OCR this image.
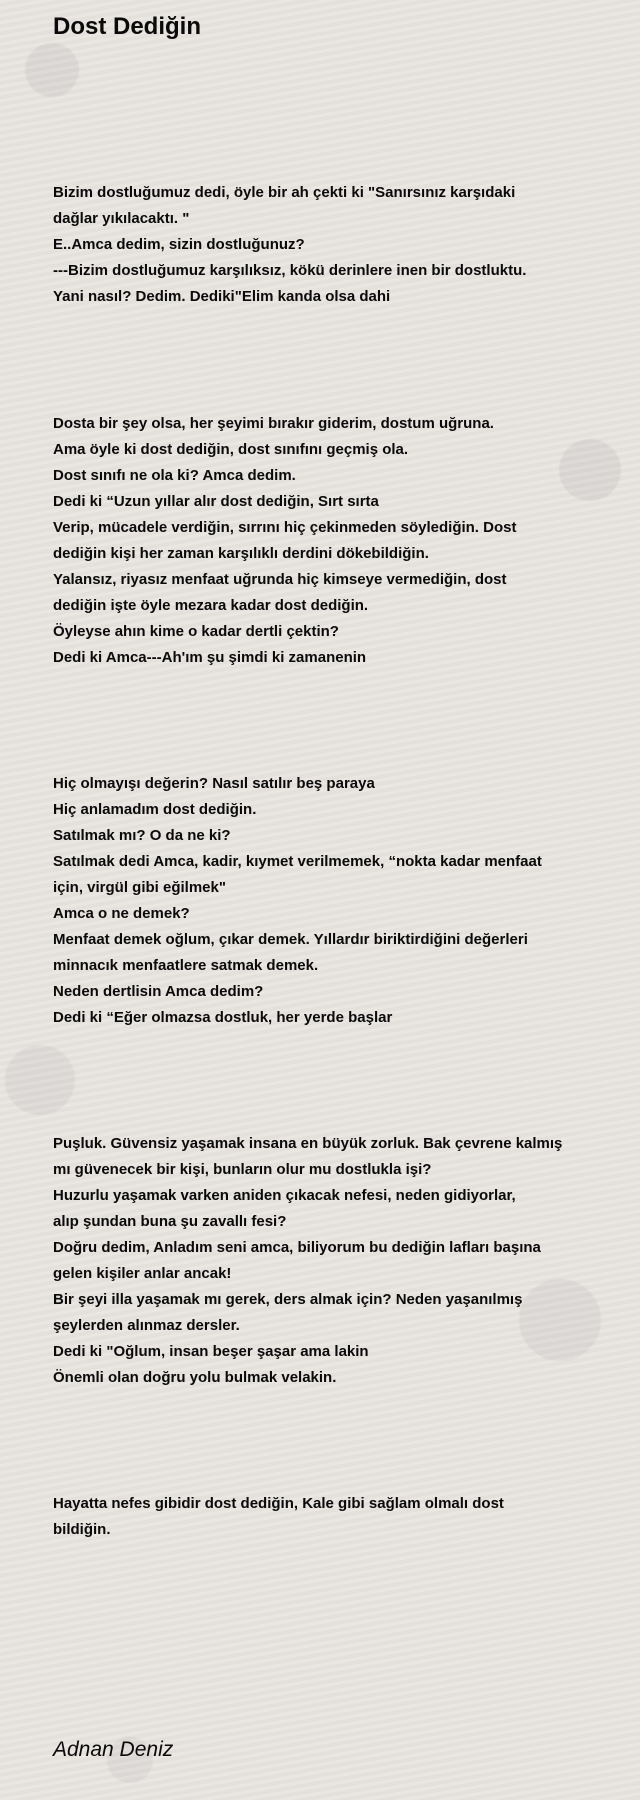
Dost Dediğin

Bizim dostluğumuz dedi, öyle bir ah çekti ki "Sanırsınız karşıdaki
dağlar yıkılacaktı. "
E..Amca dedim, sizin dostluğunuz?
---Bizim dostluğumuz karşılıksız, kökü derinlere inen bir dostluktu.
Yani nasıl? Dedim. Dediki"Elim kanda olsa dahi

Dosta bir şey olsa, her şeyimi bırakır giderim, dostum uğruna.
Ama öyle ki dost dediğin, dost sınıfını geçmiş ola.
Dost sınıfı ne ola ki? Amca dedim.
Dedi ki “Uzun yıllar alır dost dediğin, Sırt sırta
Verip, mücadele verdiğin, sırrını hiç çekinmeden söylediğin. Dost
dediğin kişi her zaman karşılıklı derdini dökebildiğin.
Yalansız, riyasız menfaat uğrunda hiç kimseye vermediğin, dost
dediğin işte öyle mezara kadar dost dediğin.
Öyleyse ahın kime o kadar dertli çektin?
Dedi ki Amca---Ah'ım şu şimdi ki zamanenin

Hiç olmayışı değerin? Nasıl satılır beş paraya
Hiç anlamadım dost dediğin.
Satılmak mı? O da ne ki?
Satılmak dedi Amca, kadir, kıymet verilmemek, “nokta kadar menfaat
için, virgül gibi eğilmek"
Amca o ne demek?
Menfaat demek oğlum, çıkar demek. Yıllardır biriktirdiğini değerleri
minnacık menfaatlere satmak demek.
Neden dertlisin Amca dedim?
Dedi ki “Eğer olmazsa dostluk, her yerde başlar

Puşluk. Güvensiz yaşamak insana en büyük zorluk. Bak çevrene kalmış
mı güvenecek bir kişi, bunların olur mu dostlukla işi?
Huzurlu yaşamak varken aniden çıkacak nefesi, neden gidiyorlar,
alıp şundan buna şu zavallı fesi?
Doğru dedim, Anladım seni amca, biliyorum bu dediğin lafları başına
gelen kişiler anlar ancak!
Bir şeyi illa yaşamak mı gerek, ders almak için? Neden yaşanılmış
şeylerden alınmaz dersler.
Dedi ki "Oğlum, insan beşer şaşar ama lakin
Önemli olan doğru yolu bulmak velakin.

Hayatta nefes gibidir dost dediğin, Kale gibi sağlam olmalı dost
bildiğin.

Adnan Deniz
